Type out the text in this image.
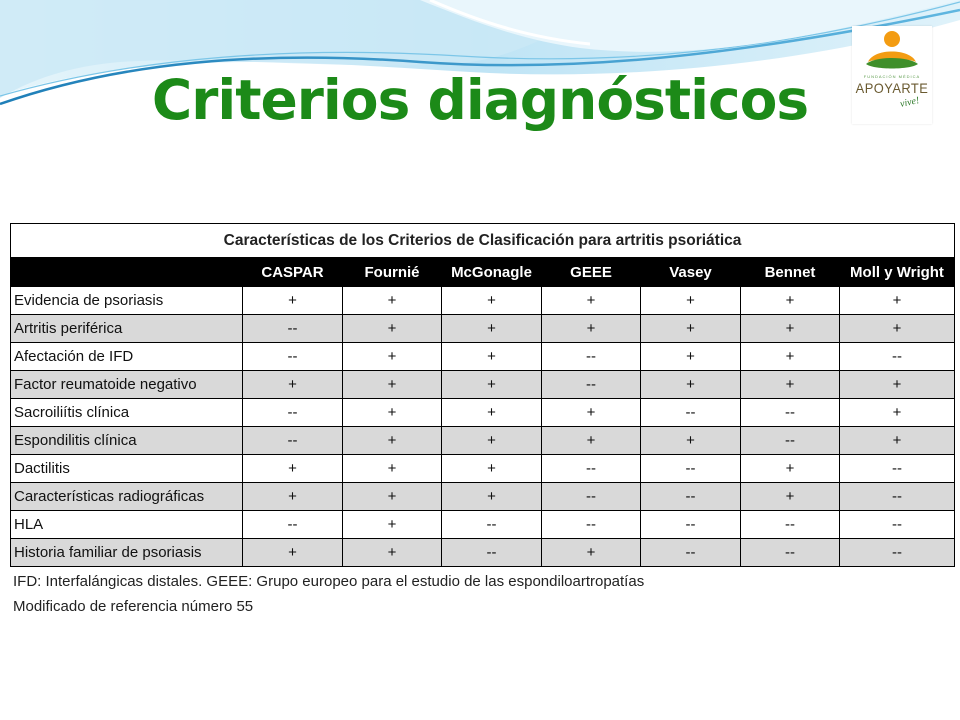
Criterios diagnósticos	FUNDACIÓN MÉDICA
APOYARTE
vive!
Características de los Criterios de Clasificación para artritis psoriática							
	CASPAR	Fournié	McGonagle	GEEE	Vasey	Bennet	Moll y Wright
Evidencia de psoriasis	+	+	+	+	+	+	+
Artritis periférica	--	+	+	+	+	+	+
Afectación de IFD	--	+	+	--	+	+	--
Factor reumatoide negativo	+	+	+	--	+	+	+
Sacroiliítis clínica	--	+	+	+	--	--	+
Espondilitis clínica	--	+	+	+	+	--	+
Dactilitis	+	+	+	--	--	+	--
Características radiográficas	+	+	+	--	--	+	--
HLA	--	+	--	--	--	--	--
Historia familiar de psoriasis	+	+	--	+	--	--	--
IFD: Interfalángicas distales. GEEE: Grupo europeo para el estudio de las espondiloartropatías
Modificado de referencia número 55
